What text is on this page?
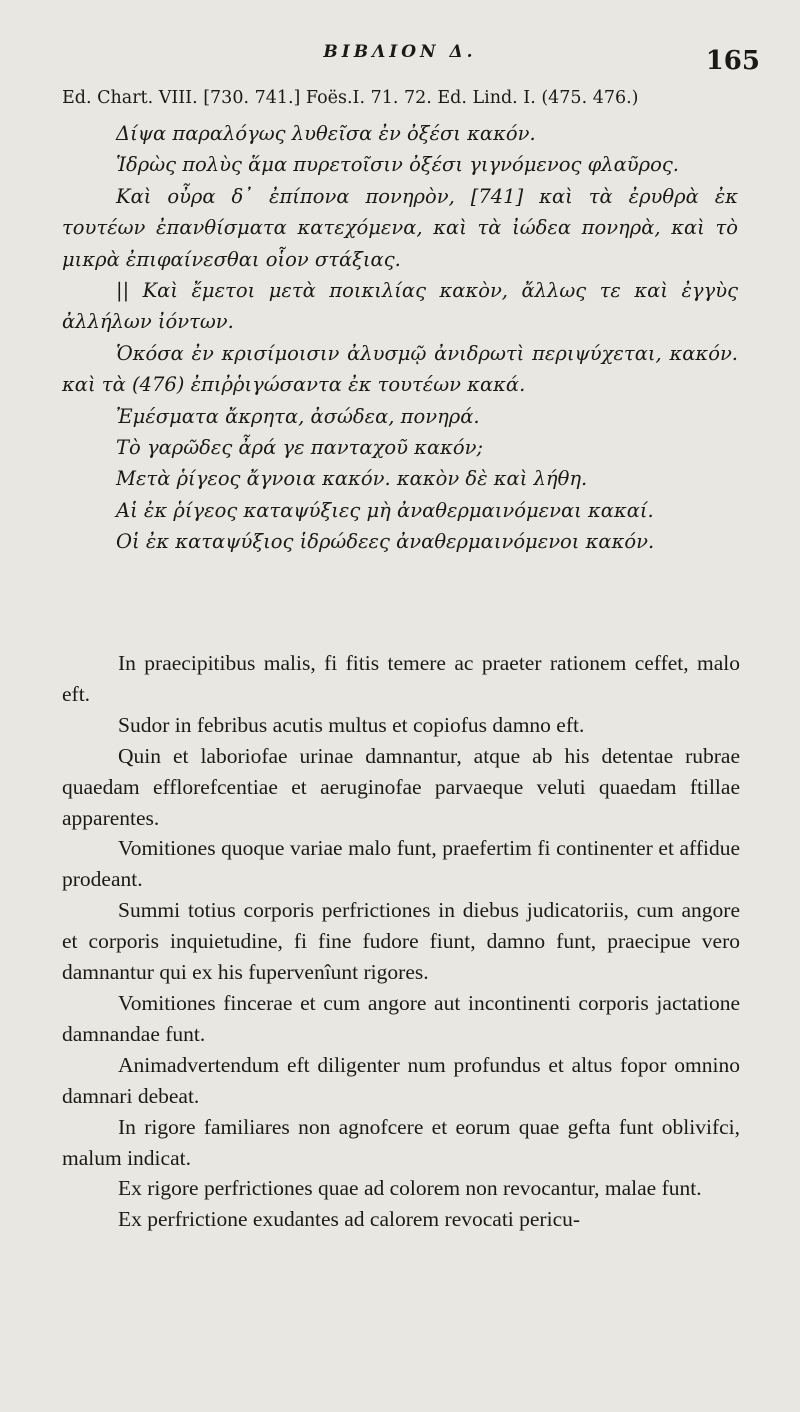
ΒΙΒΛΙΟΝ Δ.	165
Ed. Chart. VIII. [730. 741.] Foës.I. 71. 72. Ed. Lind. I. (475. 476.)

Δίψα παραλόγως λυθεῖσα ἐν ὀξέσι κακόν.

Ἱδρὼς πολὺς ἅμα πυρετοῖσιν ὀξέσι γιγνόμενος φλαῦρος.

Καὶ οὖρα δ᾽ ἐπίπονα πονηρὸν, [741] καὶ τὰ ἐρυθρὰ ἐκ τουτέων ἐπανθίσματα κατεχόμενα, καὶ τὰ ἰώδεα πονηρὰ, καὶ τὸ μικρὰ ἐπιφαίνεσθαι οἷον στάξιας.

|| Καὶ ἔμετοι μετὰ ποικιλίας κακὸν, ἄλλως τε καὶ ἐγγὺς ἀλλήλων ἰόντων.

Ὁκόσα ἐν κρισίμοισιν ἀλυσμῷ ἀνιδρωτὶ περιψύχεται, κακόν. καὶ τὰ (476) ἐπιῤῥιγώσαντα ἐκ τουτέων κακά.

Ἐμέσματα ἄκρητα, ἀσώδεα, πονηρά.

Τὸ γαρῶδες ἆρά γε πανταχοῦ κακόν;

Μετὰ ῥίγεος ἄγνοια κακόν. κακὸν δὲ καὶ λήθη.

Αἱ ἐκ ῥίγεος καταψύξιες μὴ ἀναθερμαινόμεναι κακαί.

Οἱ ἐκ καταψύξιος ἱδρώδεες ἀναθερμαινόμενοι κακόν.

In praecipitibus malis, fi fitis temere ac praeter rationem ceffet, malo eft.

Sudor in febribus acutis multus et copiofus damno eft.

Quin et laboriofae urinae damnantur, atque ab his detentae rubrae quaedam efflorefcentiae et aeruginofae parvaeque veluti quaedam ftillae apparentes.

Vomitiones quoque variae malo funt, praefertim fi continenter et affidue prodeant.

Summi totius corporis perfrictiones in diebus judicatoriis, cum angore et corporis inquietudine, fi fine fudore fiunt, damno funt, praecipue vero damnantur qui ex his fupervenîunt rigores.

Vomitiones fincerae et cum angore aut incontinenti corporis jactatione damnandae funt.

Animadvertendum eft diligenter num profundus et altus fopor omnino damnari debeat.

In rigore familiares non agnofcere et eorum quae gefta funt oblivifci, malum indicat.

Ex rigore perfrictiones quae ad colorem non revocantur, malae funt.

Ex perfrictione exudantes ad calorem revocati pericu-
